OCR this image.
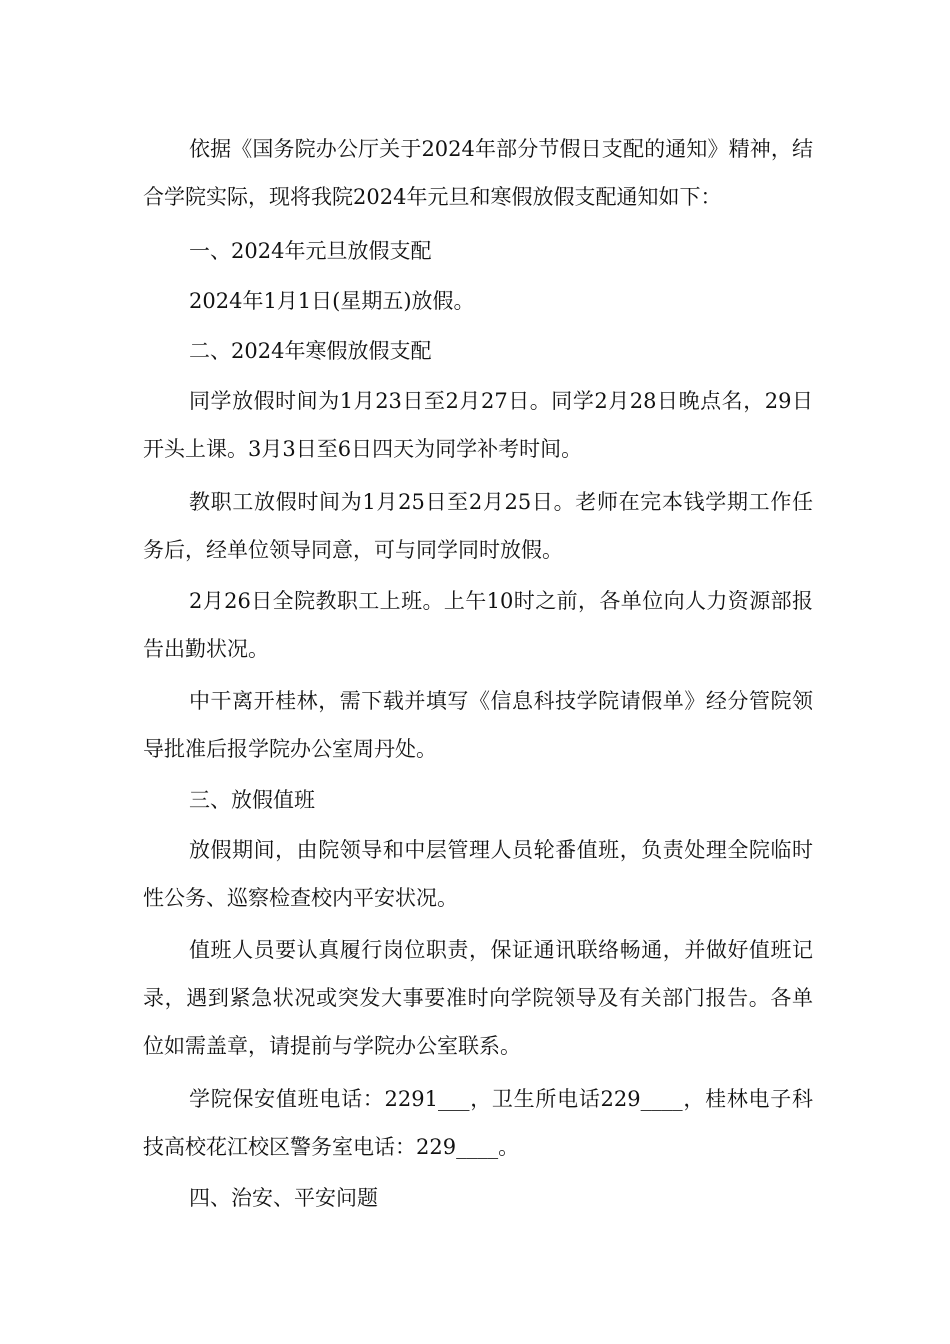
依据《国务院办公厅关于2024年部分节假日支配的通知》精神，结合学院实际，现将我院2024年元旦和寒假放假支配通知如下：

一、2024年元旦放假支配

2024年1月1日(星期五)放假。

二、2024年寒假放假支配

同学放假时间为1月23日至2月27日。同学2月28日晚点名，29日开头上课。3月3日至6日四天为同学补考时间。

教职工放假时间为1月25日至2月25日。老师在完本钱学期工作任务后，经单位领导同意，可与同学同时放假。

2月26日全院教职工上班。上午10时之前，各单位向人力资源部报告出勤状况。

中干离开桂林，需下载并填写《信息科技学院请假单》经分管院领导批准后报学院办公室周丹处。

三、放假值班

放假期间，由院领导和中层管理人员轮番值班，负责处理全院临时性公务、巡察检查校内平安状况。

值班人员要认真履行岗位职责，保证通讯联络畅通，并做好值班记录，遇到紧急状况或突发大事要准时向学院领导及有关部门报告。各单位如需盖章，请提前与学院办公室联系。

学院保安值班电话：2291___，卫生所电话229____，桂林电子科技高校花江校区警务室电话：229____。

四、治安、平安问题
